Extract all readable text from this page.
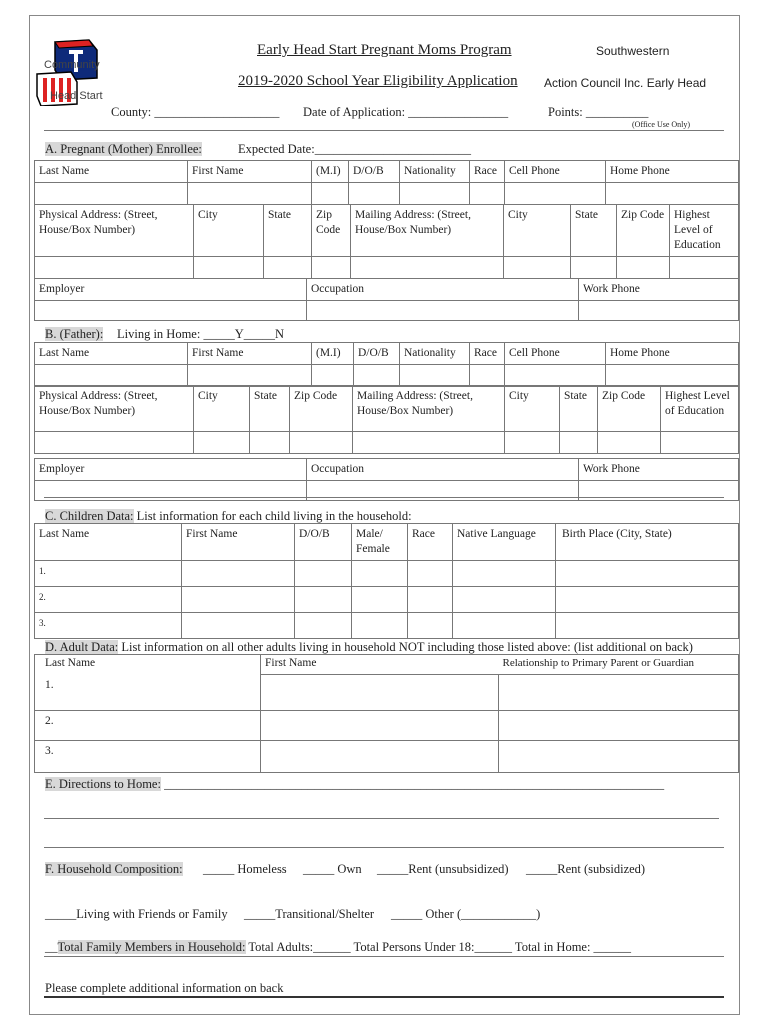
Community
Head Start
Early Head Start Pregnant Moms Program
2019-2020 School Year Eligibility Application
Southwestern
Action Council Inc. Early Head
County: ____________________ Date of Application: ________________	Points: __________
(Office Use Only)
A. Pregnant (Mother) Enrollee:	Expected Date:_________________________
Last Name	First Name	(M.I)	D/O/B	Nationality	Race	Cell Phone	Home Phone

Physical Address: (Street, House/Box Number)	City	State	Zip Code	Mailing Address: (Street, House/Box Number)	City	State	Zip Code	Highest Level of Education

Employer	Occupation	Work Phone

B. (Father): Living in Home: _____Y_____N
Last Name	First Name	(M.I)	D/O/B	Nationality	Race	Cell Phone	Home Phone

Physical Address: (Street, House/Box Number)	City	State	Zip Code	Mailing Address: (Street, House/Box Number)	City	State	Zip Code	Highest Level of Education

Employer	Occupation	Work Phone

C. Children Data: List information for each child living in the household:
Last Name	First Name	D/O/B	Male/ Female	Race	Native Language	Birth Place (City, State)
1.						
2.						
3.						
D. Adult Data: List information on all other adults living in household NOT including those listed above: (list additional on back)
Last Name	First Name	Relationship to Primary Parent or Guardian
1.		
2.		
3.		
E. Directions to Home: ________________________________________________________________________________
F. Household Composition: _____ Homeless _____ Own _____Rent (unsubsidized) _____Rent (subsidized)
_____Living with Friends or Family _____Transitional/Shelter _____ Other (____________)
__Total Family Members in Household: Total Adults:______ Total Persons Under 18:______ Total in Home: ______
Please complete additional information on back
